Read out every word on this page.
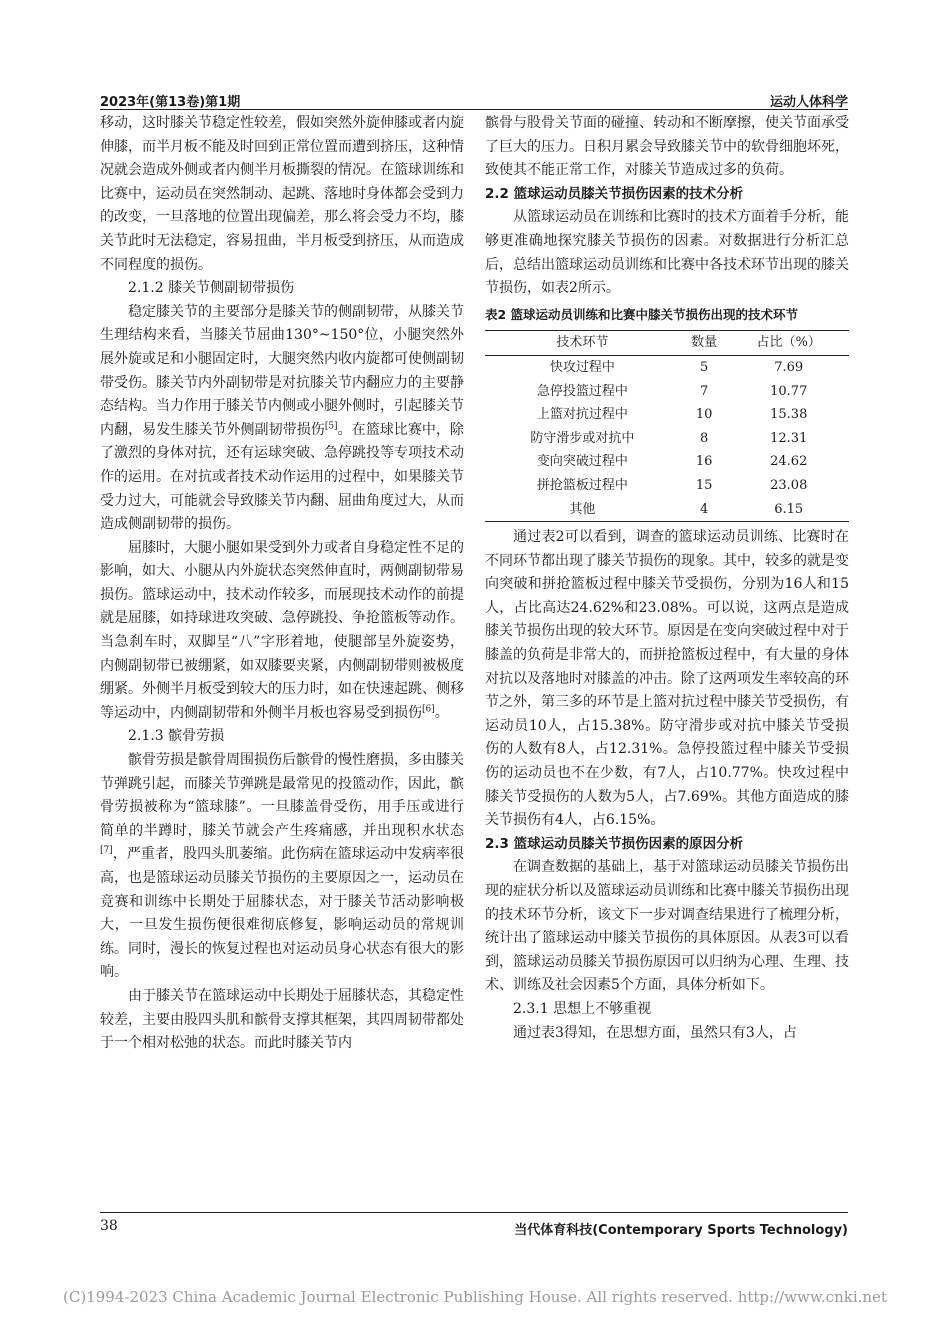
2023年(第13卷)第1期	运动人体科学

移动，这时膝关节稳定性较差，假如突然外旋伸膝或者内旋伸膝，而半月板不能及时回到正常位置而遭到挤压，这种情况就会造成外侧或者内侧半月板撕裂的情况。在篮球训练和比赛中，运动员在突然制动、起跳、落地时身体都会受到力的改变，一旦落地的位置出现偏差，那么将会受力不均，膝关节此时无法稳定，容易扭曲，半月板受到挤压，从而造成不同程度的损伤。

2.1.2 膝关节侧副韧带损伤

稳定膝关节的主要部分是膝关节的侧副韧带，从膝关节生理结构来看，当膝关节屈曲130°~150°位，小腿突然外展外旋或足和小腿固定时，大腿突然内收内旋都可使侧副韧带受伤。膝关节内外副韧带是对抗膝关节内翻应力的主要静态结构。当力作用于膝关节内侧或小腿外侧时，引起膝关节内翻，易发生膝关节外侧副韧带损伤[5]。在篮球比赛中，除了激烈的身体对抗，还有运球突破、急停跳投等专项技术动作的运用。在对抗或者技术动作运用的过程中，如果膝关节受力过大，可能就会导致膝关节内翻、屈曲角度过大，从而造成侧副韧带的损伤。

屈膝时，大腿小腿如果受到外力或者自身稳定性不足的影响，如大、小腿从内外旋状态突然伸直时，两侧副韧带易损伤。篮球运动中，技术动作较多，而展现技术动作的前提就是屈膝，如持球进攻突破、急停跳投、争抢篮板等动作。当急刹车时，双脚呈“八”字形着地，使腿部呈外旋姿势，内侧副韧带已被绷紧，如双膝要夹紧，内侧副韧带则被极度绷紧。外侧半月板受到较大的压力时，如在快速起跳、侧移等运动中，内侧副韧带和外侧半月板也容易受到损伤[6]。

2.1.3 髌骨劳损

髌骨劳损是髌骨周围损伤后髌骨的慢性磨损，多由膝关节弹跳引起，而膝关节弹跳是最常见的投篮动作，因此，髌骨劳损被称为“篮球膝”。一旦膝盖骨受伤，用手压或进行简单的半蹲时，膝关节就会产生疼痛感，并出现积水状态[7]，严重者，股四头肌萎缩。此伤病在篮球运动中发病率很高，也是篮球运动员膝关节损伤的主要原因之一，运动员在竞赛和训练中长期处于屈膝状态，对于膝关节活动影响极大，一旦发生损伤便很难彻底修复，影响运动员的常规训练。同时，漫长的恢复过程也对运动员身心状态有很大的影响。

由于膝关节在篮球运动中长期处于屈膝状态，其稳定性较差，主要由股四头肌和髌骨支撑其框架，其四周韧带都处于一个相对松弛的状态。而此时膝关节内

髌骨与股骨关节面的碰撞、转动和不断摩擦，使关节面承受了巨大的压力。日积月累会导致膝关节中的软骨细胞坏死，致使其不能正常工作，对膝关节造成过多的负荷。

2.2 篮球运动员膝关节损伤因素的技术分析

从篮球运动员在训练和比赛时的技术方面着手分析，能够更准确地探究膝关节损伤的因素。对数据进行分析汇总后，总结出篮球运动员训练和比赛中各技术环节出现的膝关节损伤，如表2所示。

表2 篮球运动员训练和比赛中膝关节损伤出现的技术环节
技术环节	数量	占比（%）
快攻过程中	5	7.69
急停投篮过程中	7	10.77
上篮对抗过程中	10	15.38
防守滑步或对抗中	8	12.31
变向突破过程中	16	24.62
拼抢篮板过程中	15	23.08
其他	4	6.15

通过表2可以看到，调查的篮球运动员训练、比赛时在不同环节都出现了膝关节损伤的现象。其中，较多的就是变向突破和拼抢篮板过程中膝关节受损伤，分别为16人和15人，占比高达24.62%和23.08%。可以说，这两点是造成膝关节损伤出现的较大环节。原因是在变向突破过程中对于膝盖的负荷是非常大的，而拼抢篮板过程中，有大量的身体对抗以及落地时对膝盖的冲击。除了这两项发生率较高的环节之外，第三多的环节是上篮对抗过程中膝关节受损伤，有运动员10人，占15.38%。防守滑步或对抗中膝关节受损伤的人数有8人，占12.31%。急停投篮过程中膝关节受损伤的运动员也不在少数，有7人，占10.77%。快攻过程中膝关节受损伤的人数为5人，占7.69%。其他方面造成的膝关节损伤有4人，占6.15%。

2.3 篮球运动员膝关节损伤因素的原因分析

在调查数据的基础上，基于对篮球运动员膝关节损伤出现的症状分析以及篮球运动员训练和比赛中膝关节损伤出现的技术环节分析，该文下一步对调查结果进行了梳理分析，统计出了篮球运动中膝关节损伤的具体原因。从表3可以看到，篮球运动员膝关节损伤原因可以归纳为心理、生理、技术、训练及社会因素5个方面，具体分析如下。

2.3.1 思想上不够重视

通过表3得知，在思想方面，虽然只有3人，占

38	当代体育科技(Contemporary Sports Technology)
(C)1994-2023 China Academic Journal Electronic Publishing House. All rights reserved. http://www.cnki.net
